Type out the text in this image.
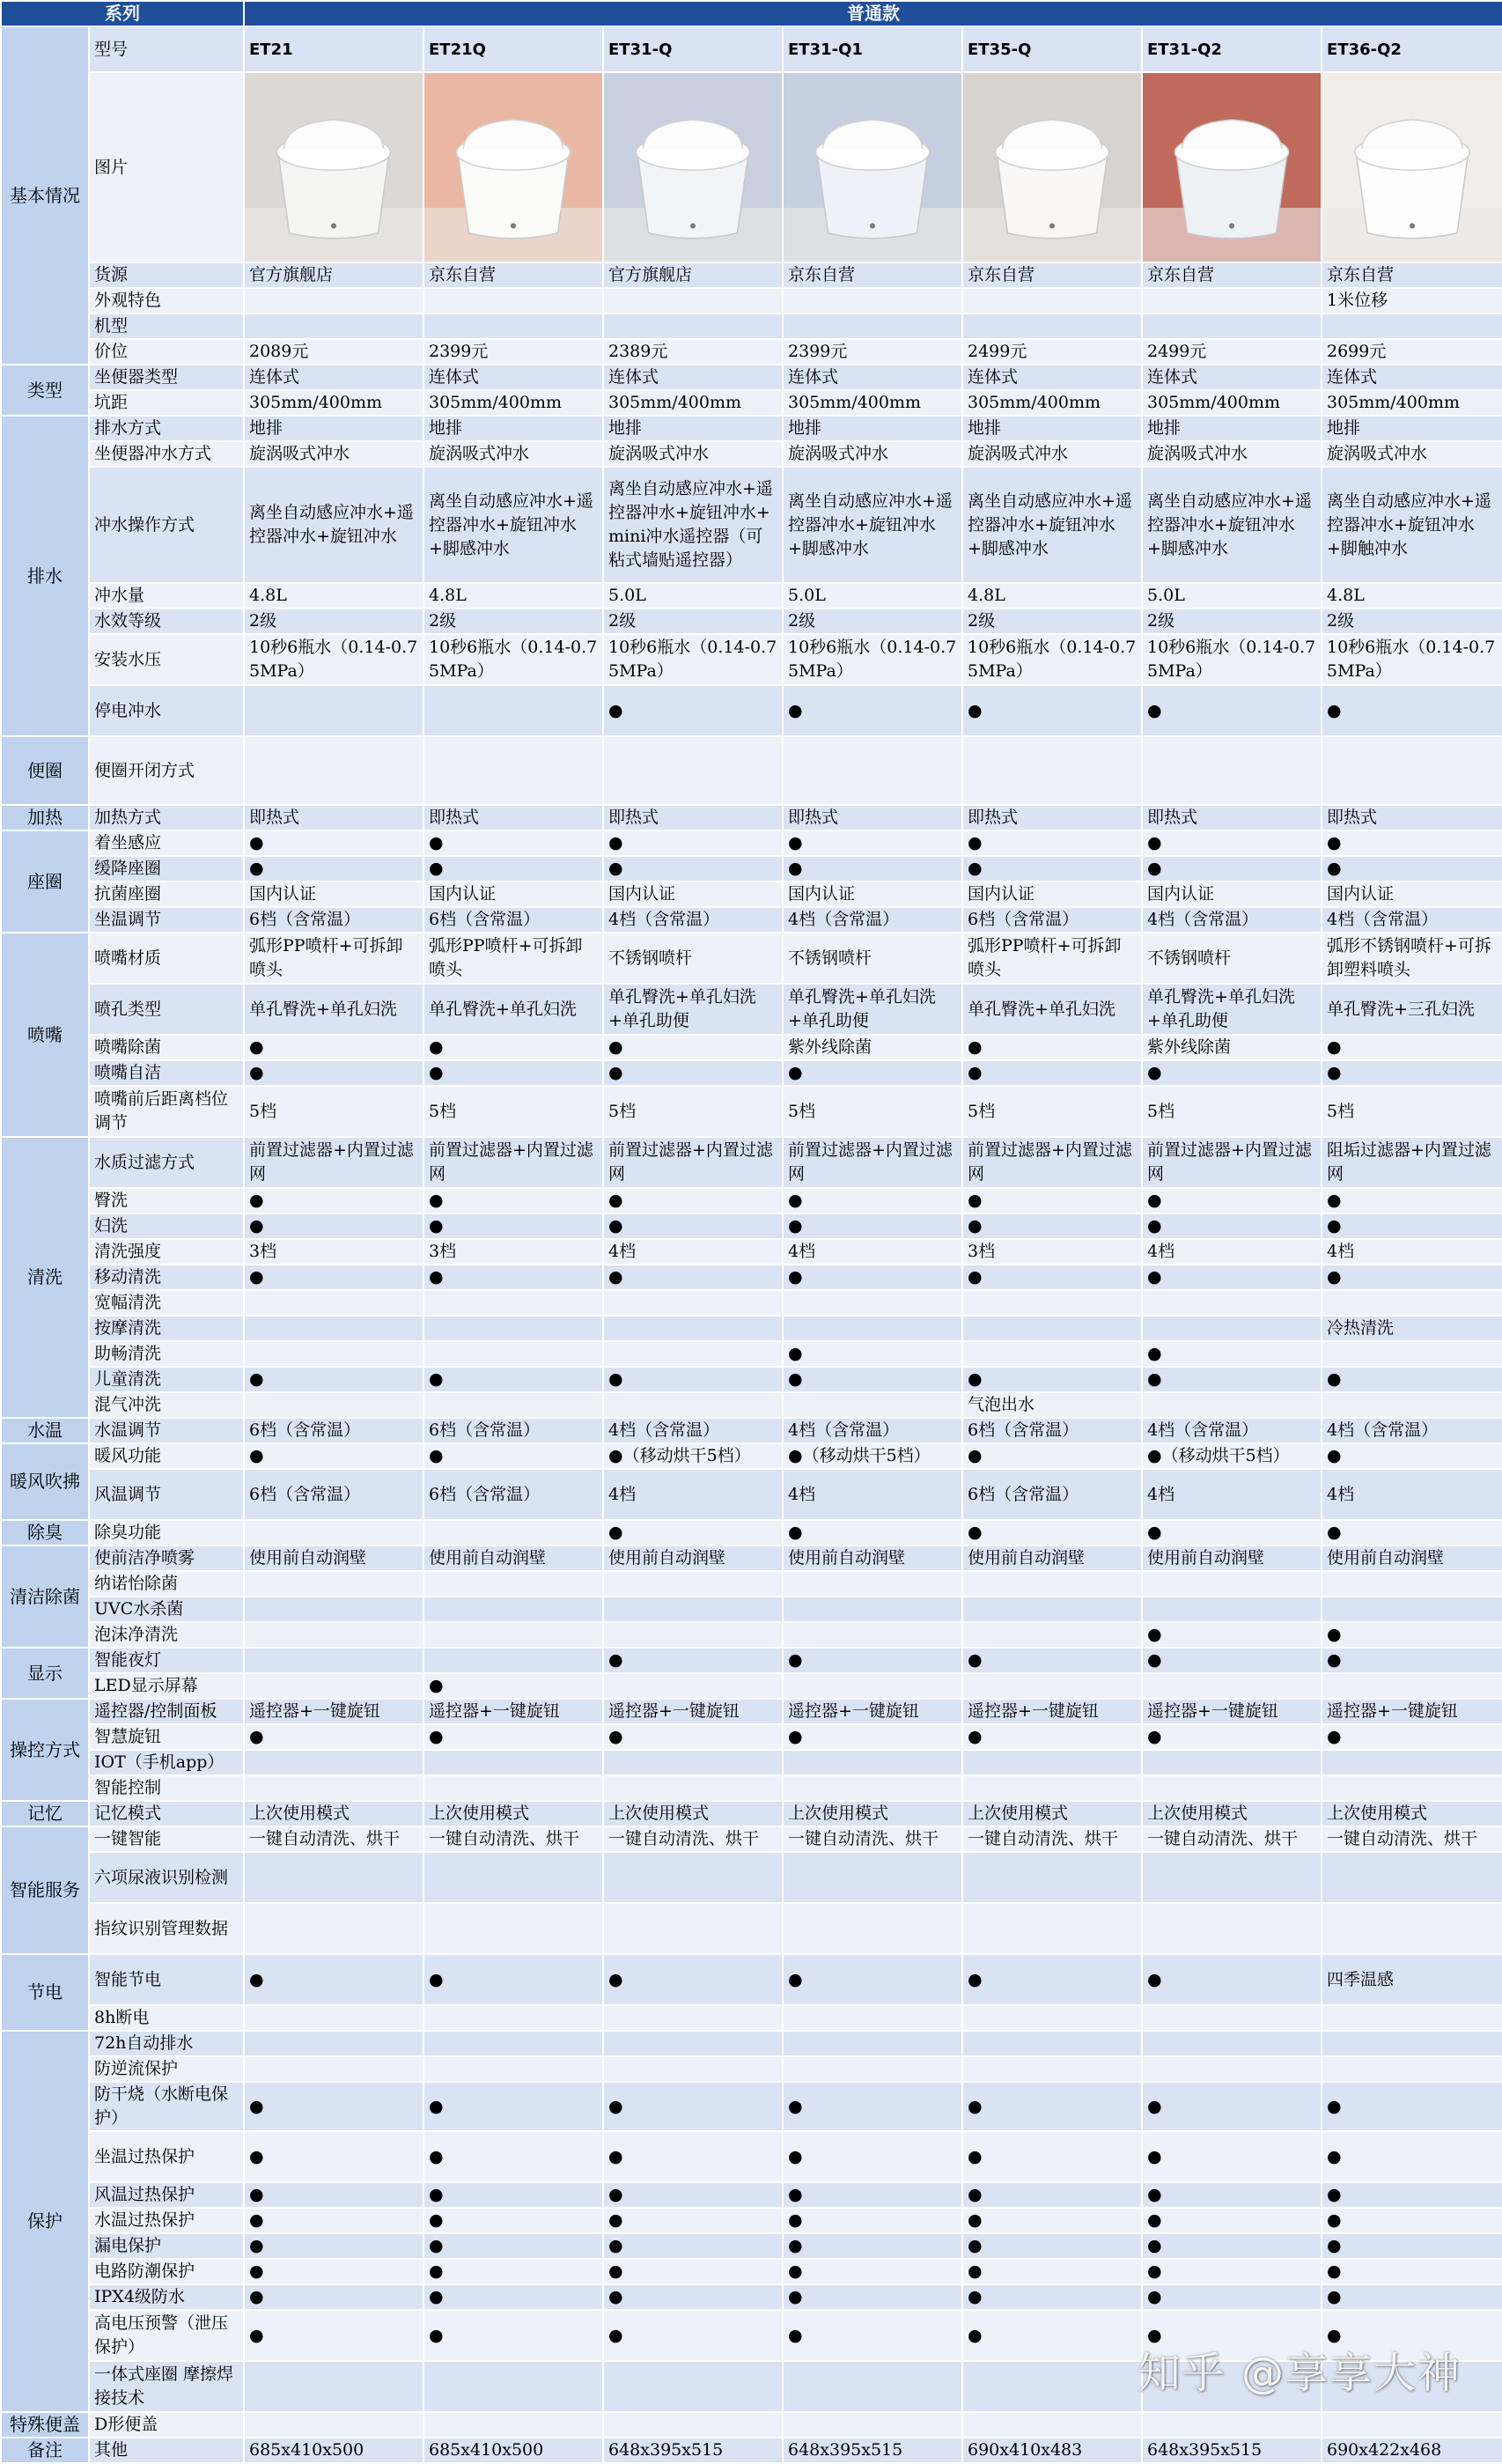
系列		普通款						
基本情况	型号	ET21	ET21Q	ET31-Q	ET31-Q1	ET35-Q	ET31-Q2	ET36-Q2
	图片	

	货源	官方旗舰店	京东自营	官方旗舰店	京东自营	京东自营	京东自营	京东自营
	外观特色							1米位移
	机型							
	价位	2089元	2399元	2389元	2399元	2499元	2499元	2699元
类型	坐便器类型	连体式	连体式	连体式	连体式	连体式	连体式	连体式
	坑距	305mm/400mm	305mm/400mm	305mm/400mm	305mm/400mm	305mm/400mm	305mm/400mm	305mm/400mm
排水	排水方式	地排	地排	地排	地排	地排	地排	地排
	坐便器冲水方式	旋涡吸式冲水	旋涡吸式冲水	旋涡吸式冲水	旋涡吸式冲水	旋涡吸式冲水	旋涡吸式冲水	旋涡吸式冲水
	冲水操作方式	离坐自动感应冲水+遥控器冲水+旋钮冲水	离坐自动感应冲水+遥控器冲水+旋钮冲水+脚感冲水	离坐自动感应冲水+遥控器冲水+旋钮冲水+mini冲水遥控器（可粘式墙贴遥控器）	离坐自动感应冲水+遥控器冲水+旋钮冲水+脚感冲水	离坐自动感应冲水+遥控器冲水+旋钮冲水+脚感冲水	离坐自动感应冲水+遥控器冲水+旋钮冲水+脚感冲水	离坐自动感应冲水+遥控器冲水+旋钮冲水+脚触冲水
	冲水量	4.8L	4.8L	5.0L	5.0L	4.8L	5.0L	4.8L
	水效等级	2级	2级	2级	2级	2级	2级	2级
	安装水压	10秒6瓶水（0.14-0.75MPa）	10秒6瓶水（0.14-0.75MPa）	10秒6瓶水（0.14-0.75MPa）	10秒6瓶水（0.14-0.75MPa）	10秒6瓶水（0.14-0.75MPa）	10秒6瓶水（0.14-0.75MPa）	10秒6瓶水（0.14-0.75MPa）
	停电冲水			●	●	●	●	●
便圈	便圈开闭方式							
加热	加热方式	即热式	即热式	即热式	即热式	即热式	即热式	即热式
座圈	着坐感应	●	●	●	●	●	●	●
	缓降座圈	●	●	●	●	●	●	●
	抗菌座圈	国内认证	国内认证	国内认证	国内认证	国内认证	国内认证	国内认证
	坐温调节	6档（含常温）	6档（含常温）	4档（含常温）	4档（含常温）	6档（含常温）	4档（含常温）	4档（含常温）
喷嘴	喷嘴材质	弧形PP喷杆+可拆卸喷头	弧形PP喷杆+可拆卸喷头	不锈钢喷杆	不锈钢喷杆	弧形PP喷杆+可拆卸喷头	不锈钢喷杆	弧形不锈钢喷杆+可拆卸塑料喷头
	喷孔类型	单孔臀洗+单孔妇洗	单孔臀洗+单孔妇洗	单孔臀洗+单孔妇洗+单孔助便	单孔臀洗+单孔妇洗+单孔助便	单孔臀洗+单孔妇洗	单孔臀洗+单孔妇洗+单孔助便	单孔臀洗+三孔妇洗
	喷嘴除菌	●	●	●	紫外线除菌	●	紫外线除菌	●
	喷嘴自洁	●	●	●	●	●	●	●
	喷嘴前后距离档位调节	5档	5档	5档	5档	5档	5档	5档
清洗	水质过滤方式	前置过滤器+内置过滤网	前置过滤器+内置过滤网	前置过滤器+内置过滤网	前置过滤器+内置过滤网	前置过滤器+内置过滤网	前置过滤器+内置过滤网	阻垢过滤器+内置过滤网
	臀洗	●	●	●	●	●	●	●
	妇洗	●	●	●	●	●	●	●
	清洗强度	3档	3档	4档	4档	3档	4档	4档
	移动清洗	●	●	●	●	●	●	●
	宽幅清洗							
	按摩清洗							冷热清洗
	助畅清洗				●		●	
	儿童清洗	●	●	●	●	●	●	●
	混气冲洗					气泡出水		
水温	水温调节	6档（含常温）	6档（含常温）	4档（含常温）	4档（含常温）	6档（含常温）	4档（含常温）	4档（含常温）
暖风吹拂	暖风功能	●	●	●（移动烘干5档）	●（移动烘干5档）	●	●（移动烘干5档）	●
	风温调节	6档（含常温）	6档（含常温）	4档	4档	6档（含常温）	4档	4档
除臭	除臭功能			●	●	●	●	●
清洁除菌	使前洁净喷雾	使用前自动润壁	使用前自动润壁	使用前自动润壁	使用前自动润壁	使用前自动润壁	使用前自动润壁	使用前自动润壁
	纳诺怡除菌							
	UVC水杀菌							
	泡沫净清洗						●	●
显示	智能夜灯			●	●	●	●	●
	LED显示屏幕		●					
操控方式	遥控器/控制面板	遥控器+一键旋钮	遥控器+一键旋钮	遥控器+一键旋钮	遥控器+一键旋钮	遥控器+一键旋钮	遥控器+一键旋钮	遥控器+一键旋钮
	智慧旋钮	●	●	●	●	●	●	●
	IOT（手机app）							
	智能控制							
记忆	记忆模式	上次使用模式	上次使用模式	上次使用模式	上次使用模式	上次使用模式	上次使用模式	上次使用模式
智能服务	一键智能	一键自动清洗、烘干	一键自动清洗、烘干	一键自动清洗、烘干	一键自动清洗、烘干	一键自动清洗、烘干	一键自动清洗、烘干	一键自动清洗、烘干
	六项尿液识别检测							
	指纹识别管理数据							
节电	智能节电	●	●	●	●	●	●	四季温感
	8h断电							
保护	72h自动排水							
	防逆流保护							
	防干烧（水断电保护）	●	●	●	●	●	●	●
	坐温过热保护	●	●	●	●	●	●	●
	风温过热保护	●	●	●	●	●	●	●
	水温过热保护	●	●	●	●	●	●	●
	漏电保护	●	●	●	●	●	●	●
	电路防潮保护	●	●	●	●	●	●	●
	IPX4级防水	●	●	●	●	●	●	●
	高电压预警（泄压保护）	●	●	●	●	●	●	●
	一体式座圈 摩擦焊接技术							
特殊便盖	D形便盖							
备注	其他	685x410x500	685x410x500	648x395x515	648x395x515	690x410x483	648x395x515	690x422x468
知乎 @享享大神
